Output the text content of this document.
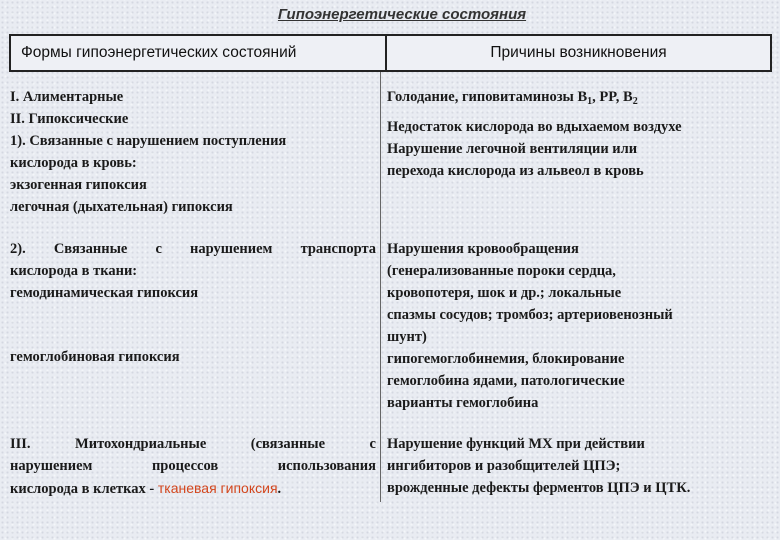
Гипоэнергетические состояния
Формы гипоэнергетических состояний	Причины возникновения
I. Алиментарные
II. Гипоксические
1). Связанные с нарушением поступления
кислорода в кровь:
экзогенная гипоксия
легочная (дыхательная) гипоксия
Голодание, гиповитаминозы $B_1$, PP, $B_2$
Недостаток кислорода во вдыхаемом воздухе
Нарушение легочной вентиляции или
перехода кислорода из альвеол в кровь
2). Связанные с нарушением транспорта
кислорода в ткани:
гемодинамическая гипоксия
гемоглобиновая гипоксия
Нарушения кровообращения
(генерализованные пороки сердца,
кровопотеря, шок и др.; локальные
спазмы сосудов; тромбоз; артериовенозный
шунт)
гипогемоглобинемия, блокирование
гемоглобина ядами, патологические
варианты гемоглобина
III. Митохондриальные (связанные с
нарушением процессов использования
кислорода в клетках - тканевая гипоксия.
Нарушение функций МХ при действии
ингибиторов и разобщителей ЦПЭ;
врожденные дефекты ферментов ЦПЭ и ЦТК.
